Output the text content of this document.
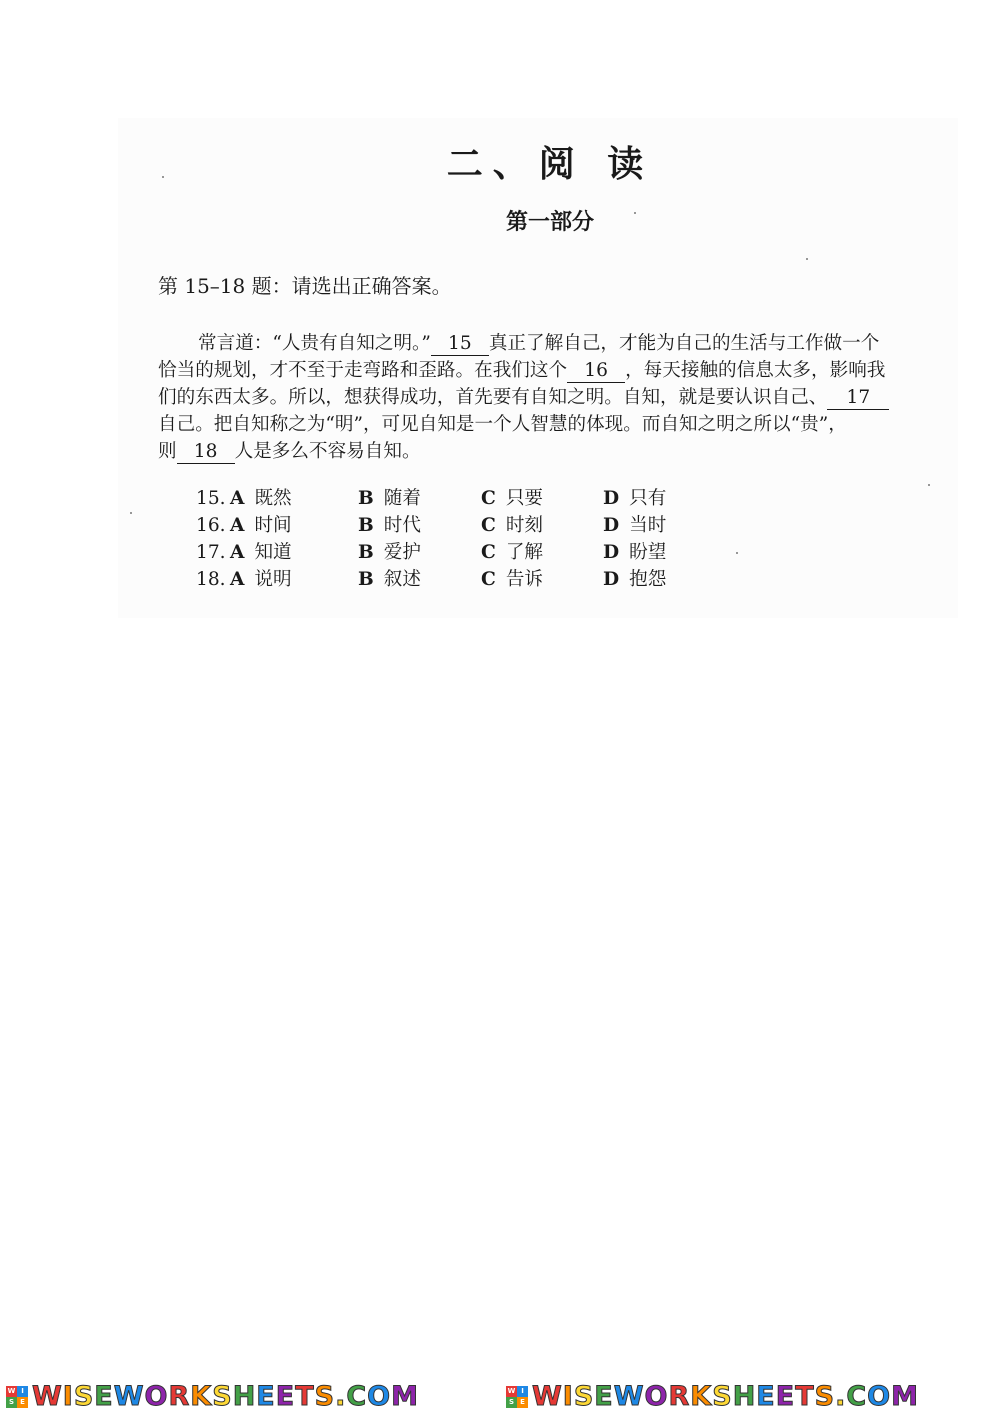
二、阅 读
第一部分
第 15–18 题：请选出正确答案。
常言道：“人贵有自知之明。” 15 真正了解自己，才能为自己的生活与工作做一个
恰当的规划，才不至于走弯路和歪路。在我们这个 16 ，每天接触的信息太多，影响我
们的东西太多。所以，想获得成功，首先要有自知之明。自知，就是要认识自己、 17
自己。把自知称之为“明”，可见自知是一个人智慧的体现。而自知之明之所以“贵”，
则 18 人是多么不容易自知。
15. A 既然	B 随着	C 只要	D 只有
16. A 时间	B 时代	C 时刻	D 当时
17. A 知道	B 爱护	C 了解	D 盼望
18. A 说明	B 叙述	C 告诉	D 抱怨
W I
S E WISEWORKSHEETS.COM	W I
S E WISEWORKSHEETS.COM
